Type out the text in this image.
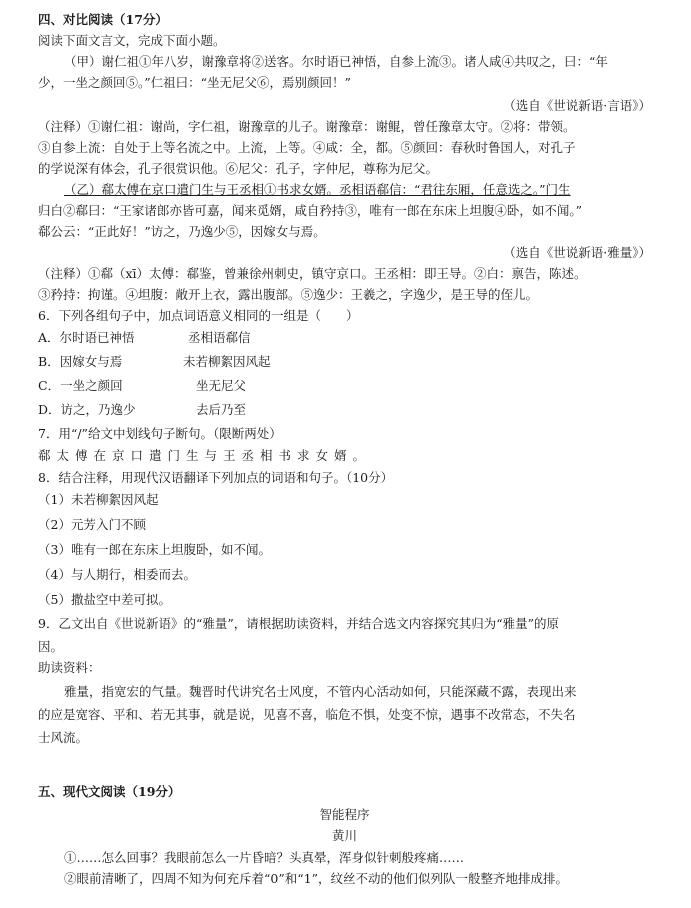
四、对比阅读（17分）
阅读下面文言文，完成下面小题。
（甲）谢仁祖①年八岁，谢豫章将②送客。尔时语已神悟，自参上流③。诸人咸④共叹之，曰：“年
少，一坐之颜回⑤。”仁祖曰：“坐无尼父⑥，焉别颜回！”
（选自《世说新语·言语》）
（注释）①谢仁祖：谢尚，字仁祖，谢豫章的儿子。谢豫章：谢鲲，曾任豫章太守。②将：带领。
③自参上流：自处于上等名流之中。上流，上等。④咸：全，都。⑤颜回：春秋时鲁国人，对孔子
的学说深有体会，孔子很赏识他。⑥尼父：孔子，字仲尼，尊称为尼父。
（乙）郗太傅在京口遣门生与王丞相①书求女婿。丞相语郗信：“君往东厢，任意选之。”门生
归白②郗曰：“王家诸郎亦皆可嘉，闻来觅婿，咸自矜持③，唯有一郎在东床上坦腹④卧，如不闻。”
郗公云：“正此好！”访之，乃逸少⑤，因嫁女与焉。
（选自《世说新语·雅量》）
（注释）①郗（xī）太傅：郗鉴，曾兼徐州刺史，镇守京口。王丞相：即王导。②白：禀告，陈述。
③矜持：拘谨。④坦腹：敞开上衣，露出腹部。⑤逸少：王羲之，字逸少，是王导的侄儿。
6．下列各组句子中，加点词语意义相同的一组是（　　）
A．尔时语已神悟	丞相语郗信
B．因嫁女与焉	未若柳絮因风起
C．一坐之颜回	坐无尼父
D．访之，乃逸少	去后乃至
7．用“/”给文中划线句子断句。（限断两处）
郗太傅在京口遣门生与王丞相书求女婿。
8．结合注释，用现代汉语翻译下列加点的词语和句子。（10分）
（1）未若柳絮因风起
（2）元芳入门不顾
（3）唯有一郎在东床上坦腹卧，如不闻。
（4）与人期行，相委而去。
（5）撒盐空中差可拟。
9．乙文出自《世说新语》的“雅量”，请根据助读资料，并结合选文内容探究其归为“雅量”的原
因。
助读资料：
雅量，指宽宏的气量。魏晋时代讲究名士风度，不管内心活动如何，只能深藏不露，表现出来
的应是宽容、平和、若无其事，就是说，见喜不喜，临危不惧，处变不惊，遇事不改常态，不失名
士风流。
五、现代文阅读（19分）
智能程序
黄川
①……怎么回事？我眼前怎么一片昏暗？头真晕，浑身似针刺般疼痛……
②眼前清晰了，四周不知为何充斥着“0”和“1”，纹丝不动的他们似列队一般整齐地排成排。
